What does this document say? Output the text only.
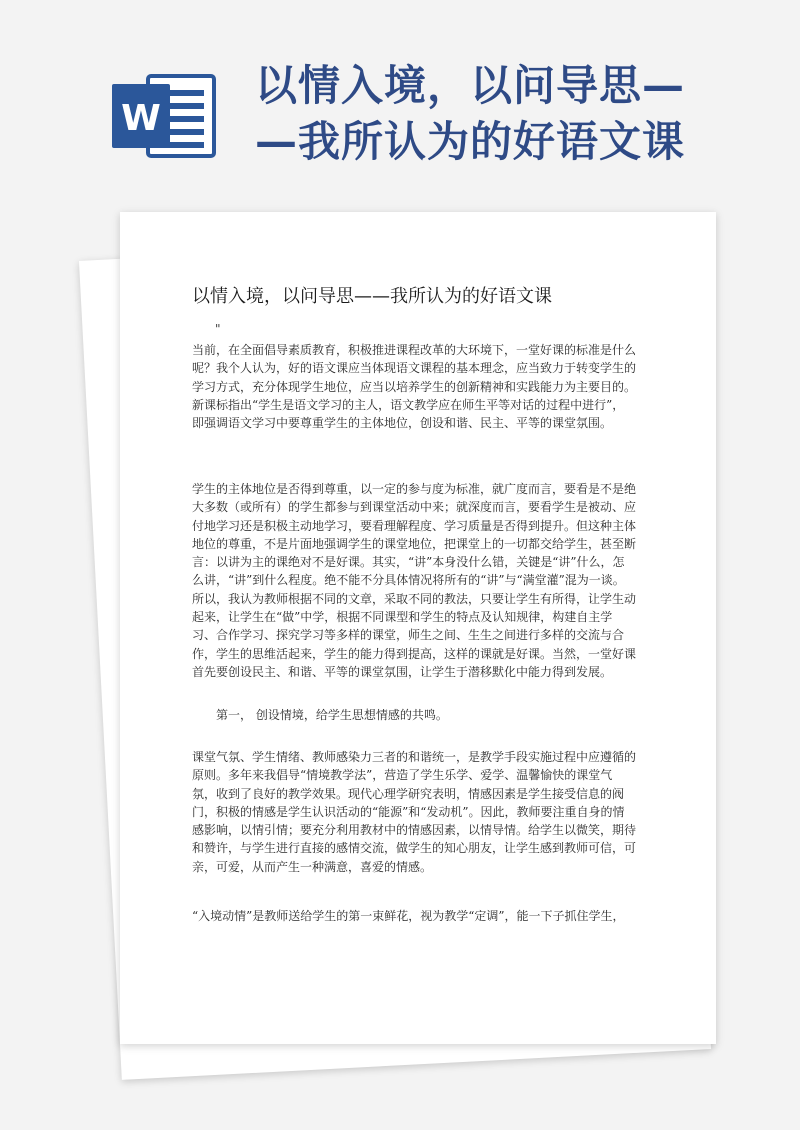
W
以情入境，以问导思—
—我所认为的好语文课
以情入境，以问导思——我所认为的好语文课
"

当前，在全面倡导素质教育，积极推进课程改革的大环境下，一堂好课的标准是什么呢？我个人认为，好的语文课应当体现语文课程的基本理念，应当致力于转变学生的学习方式，充分体现学生地位，应当以培养学生的创新精神和实践能力为主要目的。新课标指出“学生是语文学习的主人，语文教学应在师生平等对话的过程中进行”，即强调语文学习中要尊重学生的主体地位，创设和谐、民主、平等的课堂氛围。

学生的主体地位是否得到尊重，以一定的参与度为标准，就广度而言，要看是不是绝大多数（或所有）的学生都参与到课堂活动中来；就深度而言，要看学生是被动、应付地学习还是积极主动地学习，要看理解程度、学习质量是否得到提升。但这种主体地位的尊重，不是片面地强调学生的课堂地位，把课堂上的一切都交给学生，甚至断言：以讲为主的课绝对不是好课。其实，“讲”本身没什么错，关键是“讲”什么，怎么讲，“讲”到什么程度。绝不能不分具体情况将所有的“讲”与“满堂灌”混为一谈。所以，我认为教师根据不同的文章，采取不同的教法，只要让学生有所得，让学生动起来，让学生在“做”中学，根据不同课型和学生的特点及认知规律，构建自主学习、合作学习、探究学习等多样的课堂，师生之间、生生之间进行多样的交流与合作，学生的思维活起来，学生的能力得到提高，这样的课就是好课。当然，一堂好课首先要创设民主、和谐、平等的课堂氛围，让学生于潜移默化中能力得到发展。

第一， 创设情境，给学生思想情感的共鸣。

课堂气氛、学生情绪、教师感染力三者的和谐统一，是教学手段实施过程中应遵循的原则。多年来我倡导“情境教学法”，营造了学生乐学、爱学、温馨愉快的课堂气氛，收到了良好的教学效果。现代心理学研究表明，情感因素是学生接受信息的阀门，积极的情感是学生认识活动的“能源”和“发动机”。因此，教师要注重自身的情感影响，以情引情；要充分利用教材中的情感因素，以情导情。给学生以微笑，期待和赞许，与学生进行直接的感情交流，做学生的知心朋友，让学生感到教师可信，可亲，可爱，从而产生一种满意，喜爱的情感。

“入境动情”是教师送给学生的第一束鲜花，视为教学“定调”，能一下子抓住学生，
